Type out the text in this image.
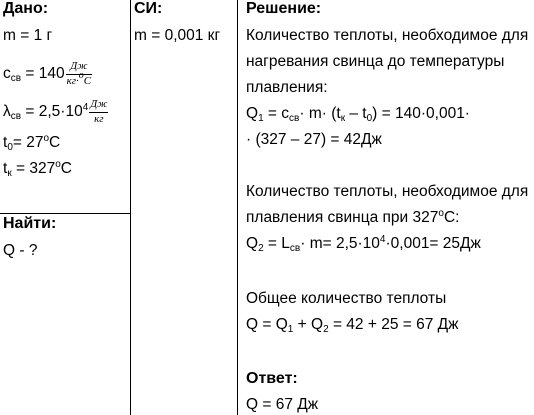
Дано:
m = 1 г
$c_{св} = 140 \frac{Дж}{кг\cdot^оС}$
$\lambda_{св} = 2,5\cdot 10^4 \frac{Дж}{кг}$
$t_0= 27^oC$
$t_к = 327^oC$
Найти:
Q - ?
СИ:
m = 0,001 кг
Решение:
Количество теплоты, необходимое для
нагревания свинца до температуры
плавления:
$Q_1 = c_{св}\cdot m\cdot (t_к - t_0) = 140\cdot 0,001\cdot$
· (327 – 27) = 42Дж
Количество теплоты, необходимое для
плавления свинца при $327^оС$:
$Q_2 = L_{св}\cdot m= 2,5\cdot 10^4\cdot 0,001= 25Дж$
Общее количество теплоты
$Q = Q_1 + Q_2 = 42 + 25 = 67$ Дж
Ответ:
Q = 67 Дж
